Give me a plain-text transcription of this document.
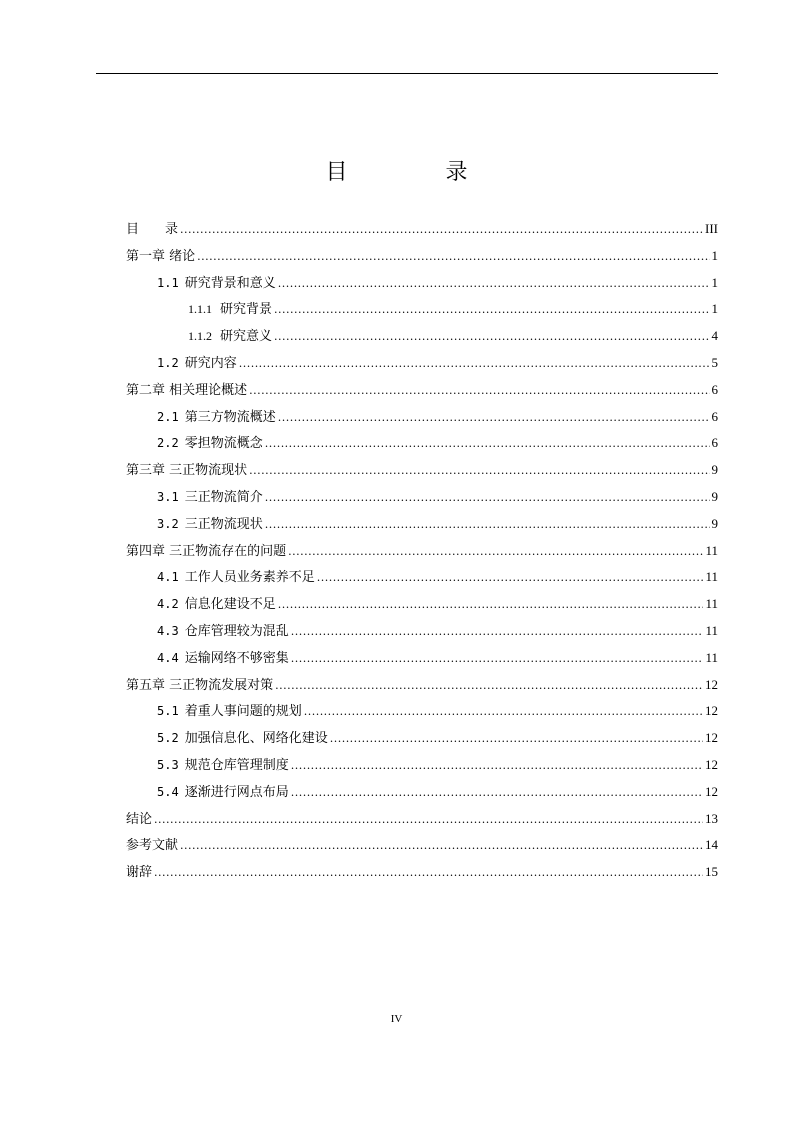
目　录
目　　录 .....	III
第一章 绪论 .....	1
1.1 研究背景和意义 .....	1
1.1.1 研究背景 .....	1
1.1.2 研究意义 .....	4
1.2 研究内容 .....	5
第二章 相关理论概述 .....	6
2.1 第三方物流概述 .....	6
2.2 零担物流概念 .....	6
第三章 三正物流现状 .....	9
3.1 三正物流简介 .....	9
3.2 三正物流现状 .....	9
第四章 三正物流存在的问题 .....	11
4.1 工作人员业务素养不足 .....	11
4.2 信息化建设不足 .....	11
4.3 仓库管理较为混乱 .....	11
4.4 运输网络不够密集 .....	11
第五章 三正物流发展对策 .....	12
5.1 着重人事问题的规划 .....	12
5.2 加强信息化、网络化建设 .....	12
5.3 规范仓库管理制度 .....	12
5.4 逐渐进行网点布局 .....	12
结论 .....	13
参考文献 .....	14
谢辞 .....	15
IV
